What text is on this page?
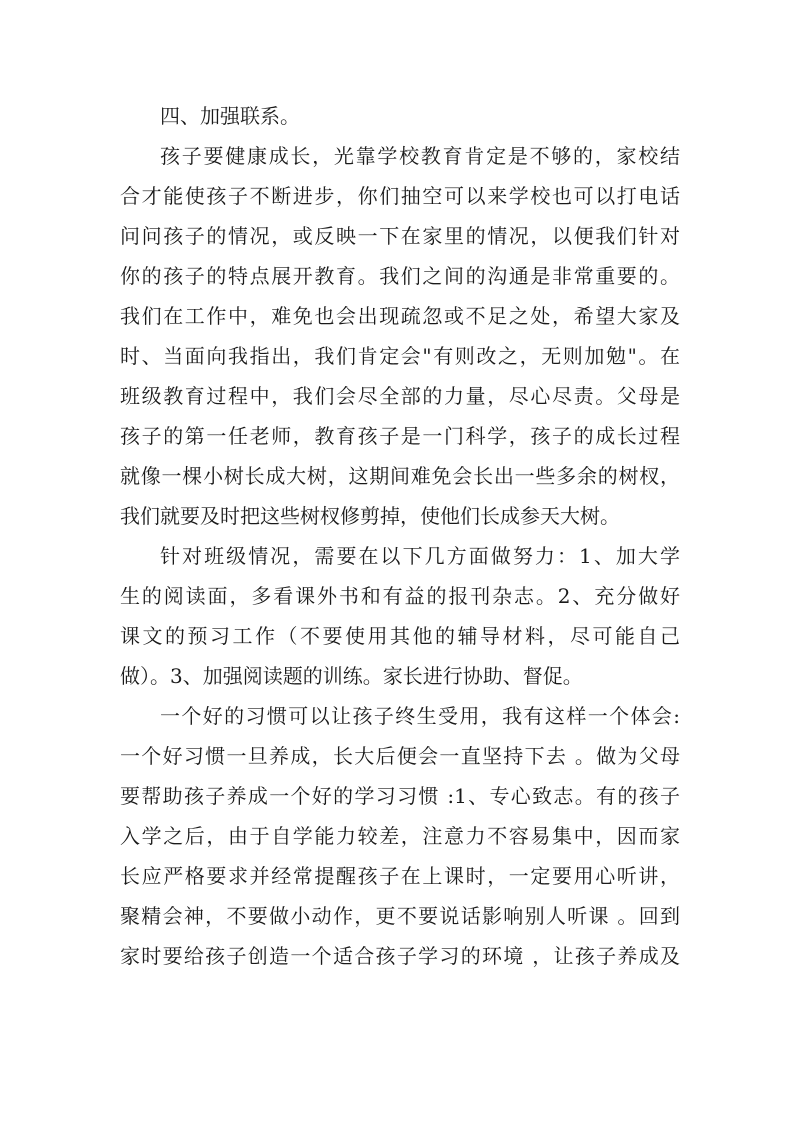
四、加强联系。
孩子要健康成长，光靠学校教育肯定是不够的，家校结
合才能使孩子不断进步，你们抽空可以来学校也可以打电话
问问孩子的情况，或反映一下在家里的情况，以便我们针对
你的孩子的特点展开教育。我们之间的沟通是非常重要的。
我们在工作中，难免也会出现疏忽或不足之处，希望大家及
时、当面向我指出，我们肯定会"有则改之，无则加勉"。在
班级教育过程中，我们会尽全部的力量，尽心尽责。父母是
孩子的第一任老师，教育孩子是一门科学，孩子的成长过程
就像一棵小树长成大树，这期间难免会长出一些多余的树杈，
我们就要及时把这些树杈修剪掉，使他们长成参天大树。
针对班级情况，需要在以下几方面做努力：1、加大学
生的阅读面，多看课外书和有益的报刊杂志。2、充分做好
课文的预习工作（不要使用其他的辅导材料，尽可能自己
做）。3、加强阅读题的训练。家长进行协助、督促。
一个好的习惯可以让孩子终生受用，我有这样一个体会:
一个好习惯一旦养成，长大后便会一直坚持下去 。做为父母
要帮助孩子养成一个好的学习习惯 :1、专心致志。有的孩子
入学之后，由于自学能力较差，注意力不容易集中，因而家
长应严格要求并经常提醒孩子在上课时，一定要用心听讲，
聚精会神，不要做小动作，更不要说话影响别人听课 。回到
家时要给孩子创造一个适合孩子学习的环境 ，让孩子养成及
